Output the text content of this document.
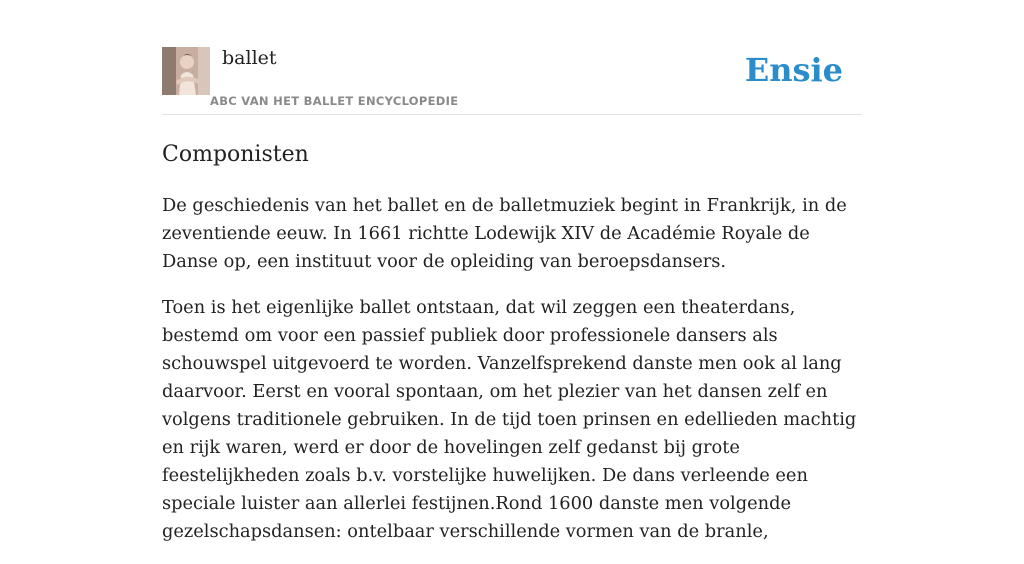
ballet
ABC VAN HET BALLET ENCYCLOPEDIE
Ensie
Componisten

De geschiedenis van het ballet en de balletmuziek begint in Frankrijk, in de zeventiende eeuw. In 1661 richtte Lodewijk XIV de Académie Royale de Danse op, een instituut voor de opleiding van beroepsdansers.

Toen is het eigenlijke ballet ontstaan, dat wil zeggen een theaterdans, bestemd om voor een passief publiek door professionele dansers als schouwspel uitgevoerd te worden. Vanzelfsprekend danste men ook al lang daarvoor. Eerst en vooral spontaan, om het plezier van het dansen zelf en volgens traditionele gebruiken. In de tijd toen prinsen en edellieden machtig en rijk waren, werd er door de hovelingen zelf gedanst bij grote feestelijkheden zoals b.v. vorstelijke huwelijken. De dans verleende een speciale luister aan allerlei festijnen.Rond 1600 danste men volgende gezelschapsdansen: ontelbaar verschillende vormen van de branle,
